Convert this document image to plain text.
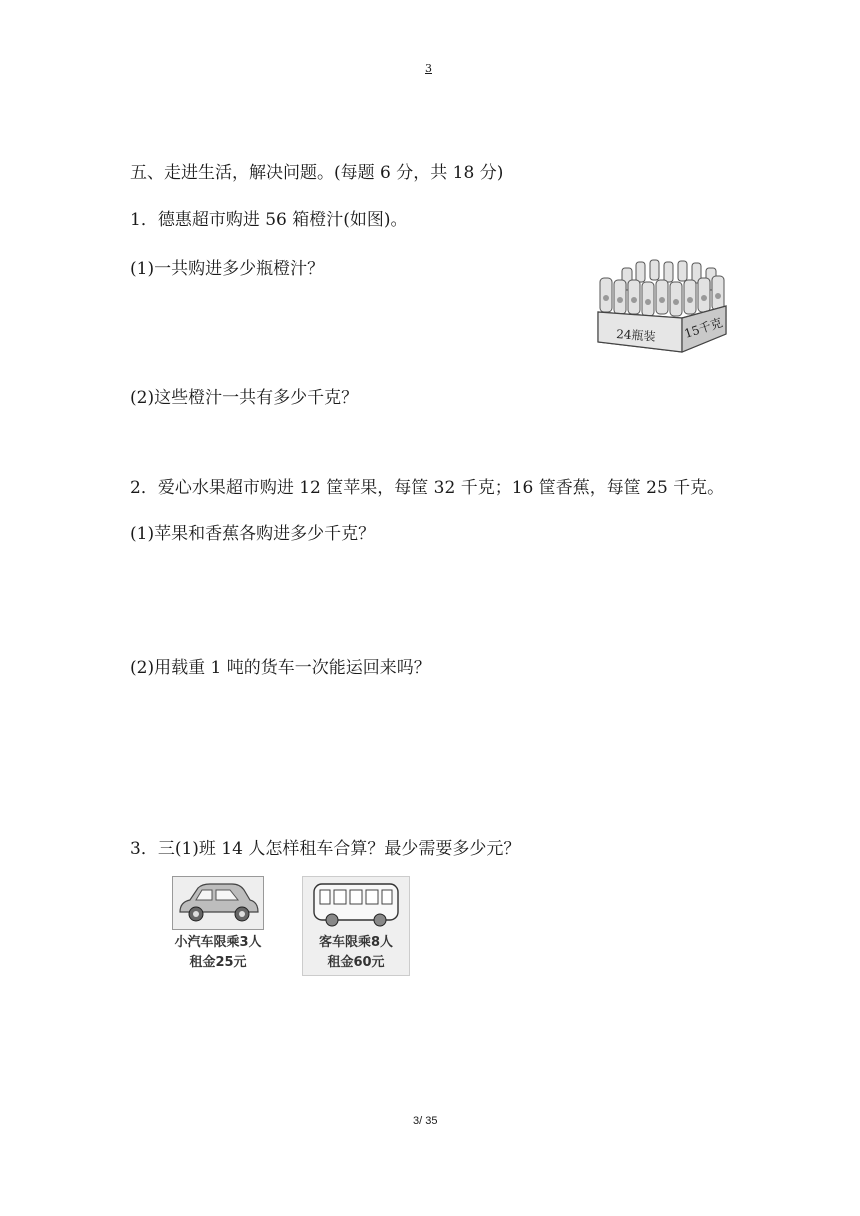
3
五、走进生活，解决问题。(每题 6 分，共 18 分)
1．德惠超市购进 56 箱橙汁(如图)。
(1)一共购进多少瓶橙汁？
24瓶装 15千克
(2)这些橙汁一共有多少千克？
2．爱心水果超市购进 12 筐苹果，每筐 32 千克；16 筐香蕉，每筐 25 千克。
(1)苹果和香蕉各购进多少千克？
(2)用载重 1 吨的货车一次能运回来吗？
3．三(1)班 14 人怎样租车合算？最少需要多少元？
小汽车限乘3人
租金25元
客车限乘8人
租金60元
3/ 35
